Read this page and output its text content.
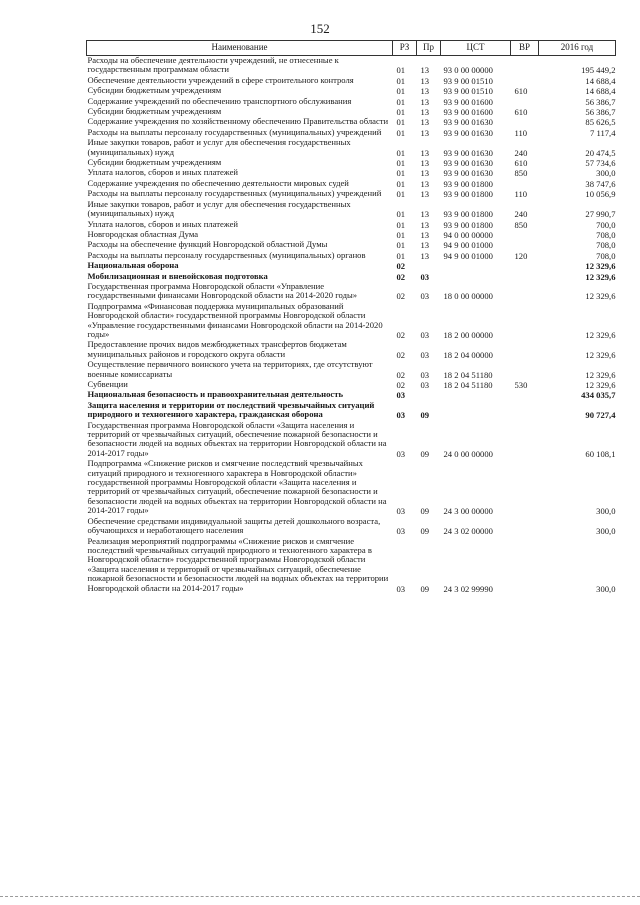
152
Наименование	РЗ	Пр	ЦСТ	ВР	2016 год
Расходы на обеспечение деятельности учреждений, не отнесенные к государственным программам области	01	13	93 0 00 00000		195 449,2
Обеспечение деятельности учреждений в сфере строительного контроля	01	13	93 9 00 01510		14 688,4
Субсидии бюджетным учреждениям	01	13	93 9 00 01510	610	14 688,4
Содержание учреждений по обеспечению транспортного обслуживания	01	13	93 9 00 01600		56 386,7
Субсидии бюджетным учреждениям	01	13	93 9 00 01600	610	56 386,7
Содержание учреждения по хозяйственному обеспечению Правительства области	01	13	93 9 00 01630		85 626,5
Расходы на выплаты персоналу государственных (муниципальных) учреждений	01	13	93 9 00 01630	110	7 117,4
Иные закупки товаров, работ и услуг для обеспечения государственных (муниципальных) нужд	01	13	93 9 00 01630	240	20 474,5
Субсидии бюджетным учреждениям	01	13	93 9 00 01630	610	57 734,6
Уплата налогов, сборов и иных платежей	01	13	93 9 00 01630	850	300,0
Содержание учреждения по обеспечению деятельности мировых судей	01	13	93 9 00 01800		38 747,6
Расходы на выплаты персоналу государственных (муниципальных) учреждений	01	13	93 9 00 01800	110	10 056,9
Иные закупки товаров, работ и услуг для обеспечения государственных (муниципальных) нужд	01	13	93 9 00 01800	240	27 990,7
Уплата налогов, сборов и иных платежей	01	13	93 9 00 01800	850	700,0
Новгородская областная Дума	01	13	94 0 00 00000		708,0
Расходы на обеспечение функций Новгородской областной Думы	01	13	94 9 00 01000		708,0
Расходы на выплаты персоналу государственных (муниципальных) органов	01	13	94 9 00 01000	120	708,0
Национальная оборона	02				12 329,6
Мобилизационная и вневойсковая подготовка	02	03			12 329,6
Государственная программа Новгородской области «Управление государственными финансами Новгородской области на 2014-2020 годы»	02	03	18 0 00 00000		12 329,6
Подпрограмма «Финансовая поддержка муниципальных образований Новгородской области» государственной программы Новгородской области «Управление государственными финансами Новгородской области на 2014-2020 годы»	02	03	18 2 00 00000		12 329,6
Предоставление прочих видов межбюджетных трансфертов бюджетам муниципальных районов и городского округа области	02	03	18 2 04 00000		12 329,6
Осуществление первичного воинского учета на территориях, где отсутствуют военные комиссариаты	02	03	18 2 04 51180		12 329,6
Субвенции	02	03	18 2 04 51180	530	12 329,6
Национальная безопасность и правоохранительная деятельность	03				434 035,7
Защита населения и территории от последствий чрезвычайных ситуаций природного и техногенного характера, гражданская оборона	03	09			90 727,4
Государственная программа Новгородской области «Защита населения и территорий от чрезвычайных ситуаций, обеспечение пожарной безопасности и безопасности людей на водных объектах на территории Новгородской области на 2014-2017 годы»	03	09	24 0 00 00000		60 108,1
Подпрограмма «Снижение рисков и смягчение последствий чрезвычайных ситуаций природного и техногенного характера в Новгородской области» государственной программы Новгородской области «Защита населения и территорий от чрезвычайных ситуаций, обеспечение пожарной безопасности и безопасности людей на водных объектах на территории Новгородской области на 2014-2017 годы»	03	09	24 3 00 00000		300,0
Обеспечение средствами индивидуальной защиты детей дошкольного возраста, обучающихся и неработающего населения	03	09	24 3 02 00000		300,0
Реализация мероприятий подпрограммы «Снижение рисков и смягчение последствий чрезвычайных ситуаций природного и техногенного характера в Новгородской области» государственной программы Новгородской области «Защита населения и территорий от чрезвычайных ситуаций, обеспечение пожарной безопасности и безопасности людей на водных объектах на территории Новгородской области на 2014-2017 годы»	03	09	24 3 02 99990		300,0
